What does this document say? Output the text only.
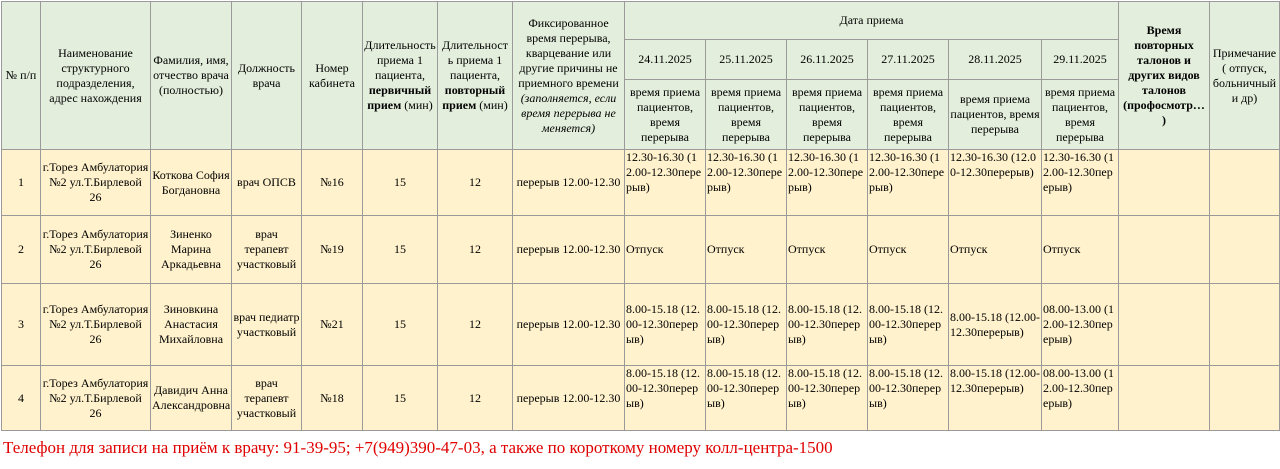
№ п/п	Наименование структурного подразделения, адрес нахождения	Фамилия, имя, отчество врача (полностью)	Должность врача	Номер кабинета	Длительность приема 1 пациента, первичный прием (мин)	Длительност ь приема 1 пациента, повторный прием (мин)	Фиксированное время перерыва, кварцевание или другие причины не приемного времени (заполняется, если время перерыва не меняется)	Дата приема						Время повторных талонов и других видов талонов (профосмотр… )	Примечание ( отпуск, больничный и др)
								24.11.2025	25.11.2025	26.11.2025	27.11.2025	28.11.2025	29.11.2025		
								время приема пациентов, время перерыва	время приема пациентов, время перерыва	время приема пациентов, время перерыва	время приема пациентов, время перерыва	время приема пациентов, время перерыва	время приема пациентов, время перерыва		
1	г.Торез Амбулатория №2 ул.Т.Бирлевой 26	Коткова София Богдановна	врач ОПСВ	№16	15	12	перерыв 12.00-12.30	12.30-16.30 (12.00-12.30перерыв)	12.30-16.30 (12.00-12.30перерыв)	12.30-16.30 (12.00-12.30перерыв)	12.30-16.30 (12.00-12.30перерыв)	12.30-16.30 (12.00-12.30перерыв)	12.30-16.30 (12.00-12.30перерыв)		
2	г.Торез Амбулатория №2 ул.Т.Бирлевой 26	Зиненко Марина Аркадьевна	врач терапевт участковый	№19	15	12	перерыв 12.00-12.30	Отпуск	Отпуск	Отпуск	Отпуск	Отпуск	Отпуск		
3	г.Торез Амбулатория №2 ул.Т.Бирлевой 26	Зиновкина Анастасия Михайловна	врач педиатр участковый	№21	15	12	перерыв 12.00-12.30	8.00-15.18 (12.00-12.30перерыв)	8.00-15.18 (12.00-12.30перерыв)	8.00-15.18 (12.00-12.30перерыв)	8.00-15.18 (12.00-12.30перерыв)	8.00-15.18 (12.00-12.30перерыв)	08.00-13.00 (12.00-12.30перерыв)		
4	г.Торез Амбулатория №2 ул.Т.Бирлевой 26	Давидич Анна Александровна	врач терапевт участковый	№18	15	12	перерыв 12.00-12.30	8.00-15.18 (12.00-12.30перерыв)	8.00-15.18 (12.00-12.30перерыв)	8.00-15.18 (12.00-12.30перерыв)	8.00-15.18 (12.00-12.30перерыв)	8.00-15.18 (12.00-12.30перерыв)	08.00-13.00 (12.00-12.30перерыв)		
Телефон для записи на приём к врачу: 91-39-95; +7(949)390-47-03, а также по короткому номеру колл-центра-1500
